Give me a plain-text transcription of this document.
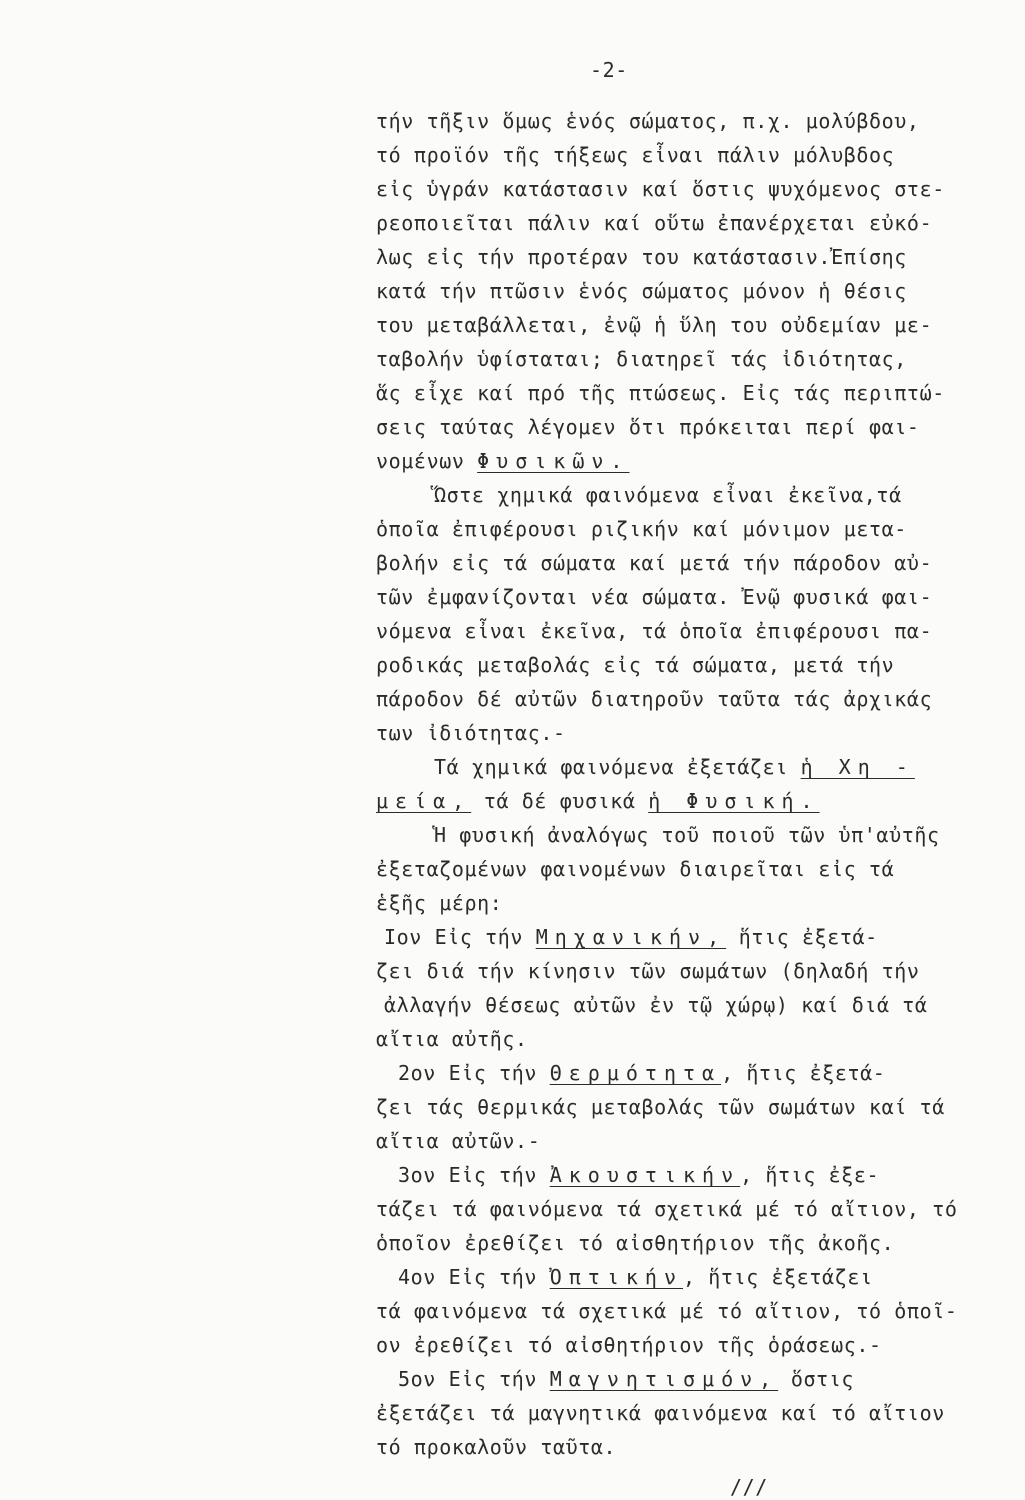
-2-
τήν τῆξιν ὅμως ἑνός σώματος, π.χ. μολύβδου,
τό προϊόν τῆς τήξεως εἶναι πάλιν μόλυβδος
εἰς ὑγράν κατάστασιν καί ὅστις ψυχόμενος στε-
ρεοποιεῖται πάλιν καί οὕτω ἐπανέρχεται εὐκό-
λως εἰς τήν προτέραν του κατάστασιν.Ἐπίσης
κατά τήν πτῶσιν ἑνός σώματος μόνον ἡ θέσις
του μεταβάλλεται, ἐνῷ ἡ ὕλη του οὐδεμίαν με-
ταβολήν ὑφίσταται; διατηρεῖ τάς ἰδιότητας,
ἅς εἶχε καί πρό τῆς πτώσεως. Εἰς τάς περιπτώ-
σεις ταύτας λέγομεν ὅτι πρόκειται περί φαι-
νομένων Φυσικῶν.
Ὥστε χημικά φαινόμενα εἶναι ἐκεῖνα,τά
ὁποῖα ἐπιφέρουσι ριζικήν καί μόνιμον μετα-
βολήν εἰς τά σώματα καί μετά τήν πάροδον αὐ-
τῶν ἐμφανίζονται νέα σώματα. Ἐνῷ φυσικά φαι-
νόμενα εἶναι ἐκεῖνα, τά ὁποῖα ἐπιφέρουσι πα-
ροδικάς μεταβολάς εἰς τά σώματα, μετά τήν
πάροδον δέ αὐτῶν διατηροῦν ταῦτα τάς ἀρχικάς
των ἰδιότητας.-
Τά χημικά φαινόμενα ἐξετάζει ἡ Χη -
μεία, τά δέ φυσικά ἡ Φυσική.
Ἡ φυσική ἀναλόγως τοῦ ποιοῦ τῶν ὑπ'αὐτῆς
ἐξεταζομένων φαινομένων διαιρεῖται εἰς τά
ἑξῆς μέρη:
Ιον Εἰς τήν Μηχανικήν, ἥτις ἐξετά-
ζει διά τήν κίνησιν τῶν σωμάτων (δηλαδή τήν
ἀλλαγήν θέσεως αὐτῶν ἐν τῷ χώρῳ) καί διά τά
αἴτια αὐτῆς.
2ον Εἰς τήν Θερμότητα, ἥτις ἐξετά-
ζει τάς θερμικάς μεταβολάς τῶν σωμάτων καί τά
αἴτια αὐτῶν.-
3ον Εἰς τήν Ἀκουστικήν, ἥτις ἐξε-
τάζει τά φαινόμενα τά σχετικά μέ τό αἴτιον, τό
ὁποῖον ἐρεθίζει τό αἰσθητήριον τῆς ἀκοῆς.
4ον Εἰς τήν Ὀπτικήν, ἥτις ἐξετάζει
τά φαινόμενα τά σχετικά μέ τό αἴτιον, τό ὁποῖ-
ον ἐρεθίζει τό αἰσθητήριον τῆς ὁράσεως.-
5ον Εἰς τήν Μαγνητισμόν, ὅστις
ἐξετάζει τά μαγνητικά φαινόμενα καί τό αἴτιον
τό προκαλοῦν ταῦτα.
///
